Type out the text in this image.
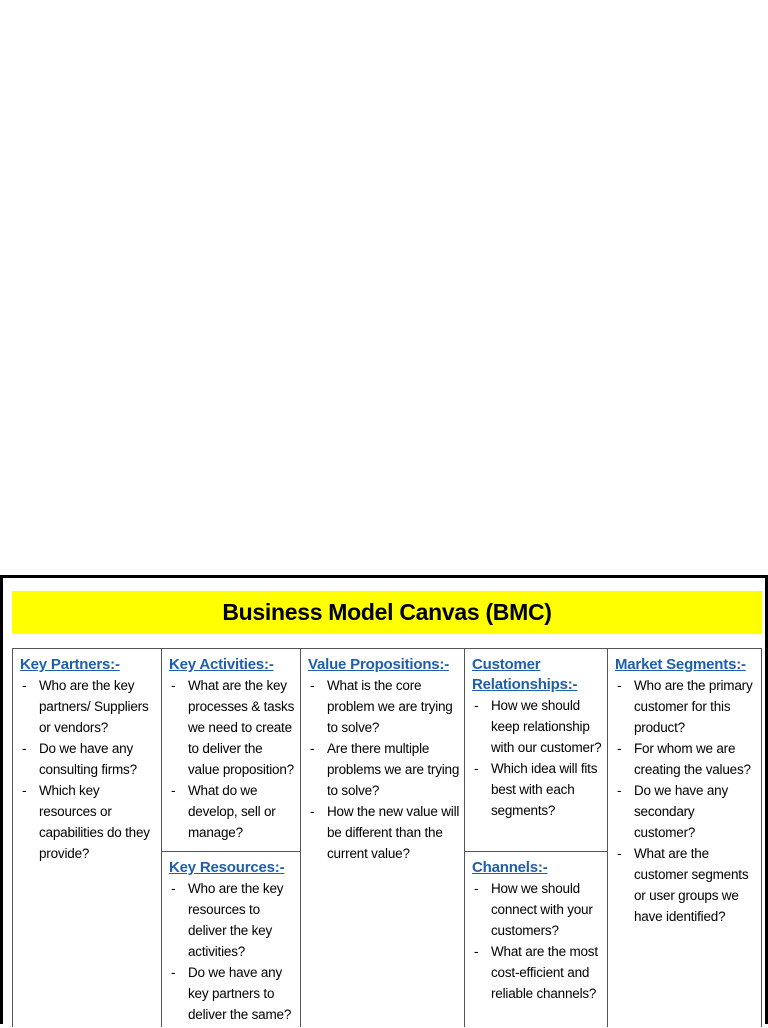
Business Model Canvas (BMC)
Key Partners:-
- Who are the key partners/ Suppliers or vendors?
- Do we have any consulting firms?
- Which key resources or capabilities do they provide?
Key Activities:-
- What are the key processes & tasks we need to create to deliver the value proposition?
- What do we develop, sell or manage?
Key Resources:-
- Who are the key resources to deliver the key activities?
- Do we have any key partners to deliver the same?
Value Propositions:-
- What is the core problem we are trying to solve?
- Are there multiple problems we are trying to solve?
- How the new value will be different than the current value?
Customer
Relationships:-
- How we should keep relationship with our customer?
- Which idea will fits best with each segments?
Channels:-
- How we should connect with your customers?
- What are the most cost-efficient and reliable channels?
Market Segments:-
- Who are the primary customer for this product?
- For whom we are creating the values?
- Do we have any secondary customer?
- What are the customer segments or user groups we have identified?
